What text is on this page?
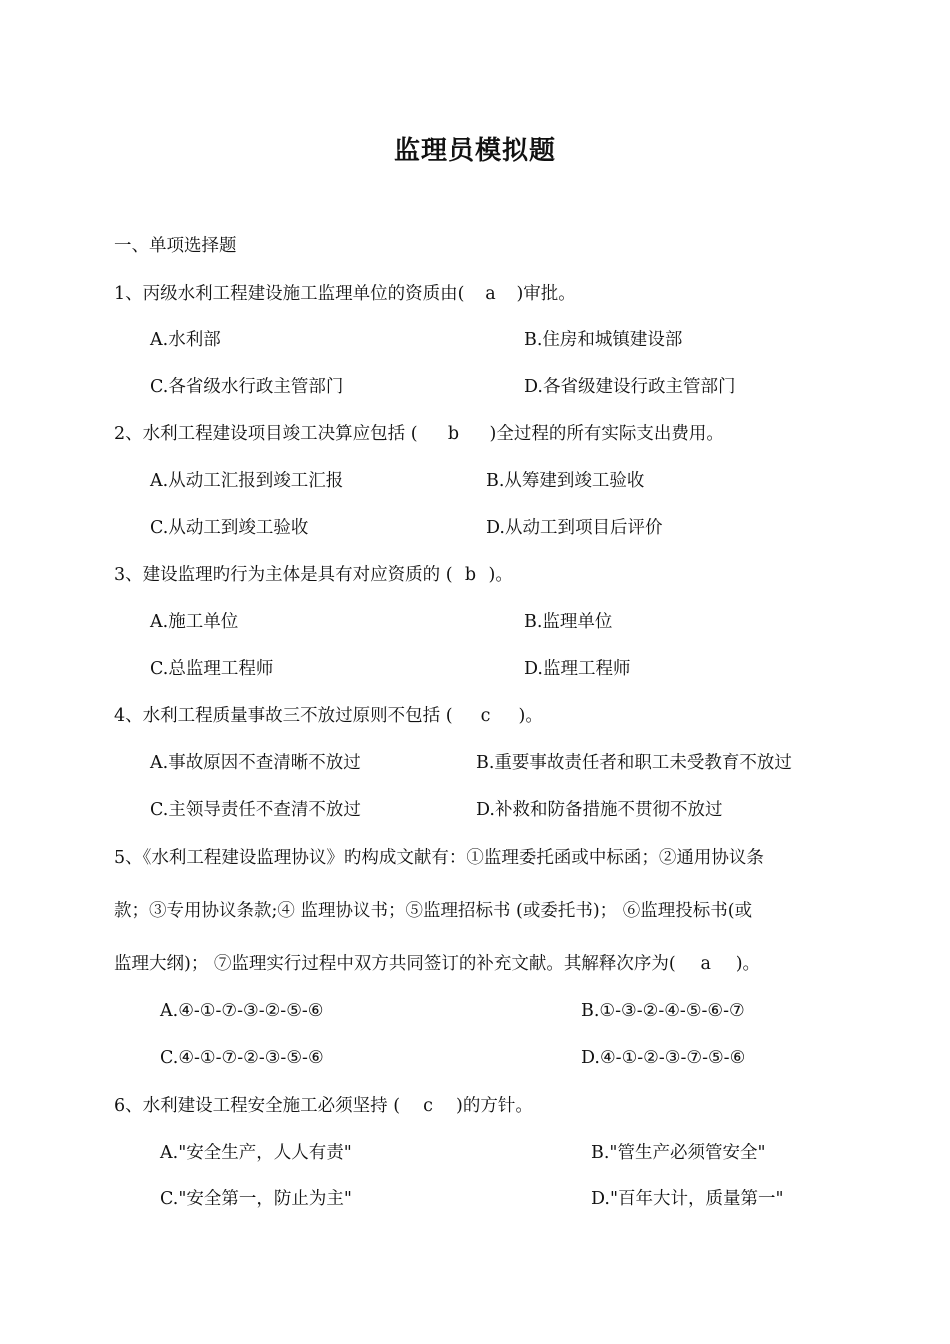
监理员模拟题
一、单项选择题
1、丙级水利工程建设施工监理单位的资质由( a )审批。
A.水利部	B.住房和城镇建设部
C.各省级水行政主管部门	D.各省级建设行政主管部门
2、水利工程建设项目竣工决算应包括 ( b )全过程的所有实际支出费用。
A.从动工汇报到竣工汇报	B.从筹建到竣工验收
C.从动工到竣工验收	D.从动工到项目后评价
3、建设监理旳行为主体是具有对应资质的 ( b )。
A.施工单位	B.监理单位
C.总监理工程师	D.监理工程师
4、水利工程质量事故三不放过原则不包括 ( c )。
A.事故原因不查清晰不放过	B.重要事故责任者和职工未受教育不放过
C.主领导责任不查清不放过	D.补救和防备措施不贯彻不放过
5、《水利工程建设监理协议》旳构成文献有：①监理委托函或中标函；②通用协议条
款；③专用协议条款;④ 监理协议书；⑤监理招标书 (或委托书)； ⑥监理投标书(或
监理大纲)； ⑦监理实行过程中双方共同签订的补充文献。其解释次序为( a )。
A.④-①-⑦-③-②-⑤-⑥	B.①-③-②-④-⑤-⑥-⑦
C.④-①-⑦-②-③-⑤-⑥	D.④-①-②-③-⑦-⑤-⑥
6、水利建设工程安全施工必须坚持 ( c )的方针。
A."安全生产，人人有责"	B."管生产必须管安全"
C."安全第一，防止为主"	D."百年大计，质量第一"
